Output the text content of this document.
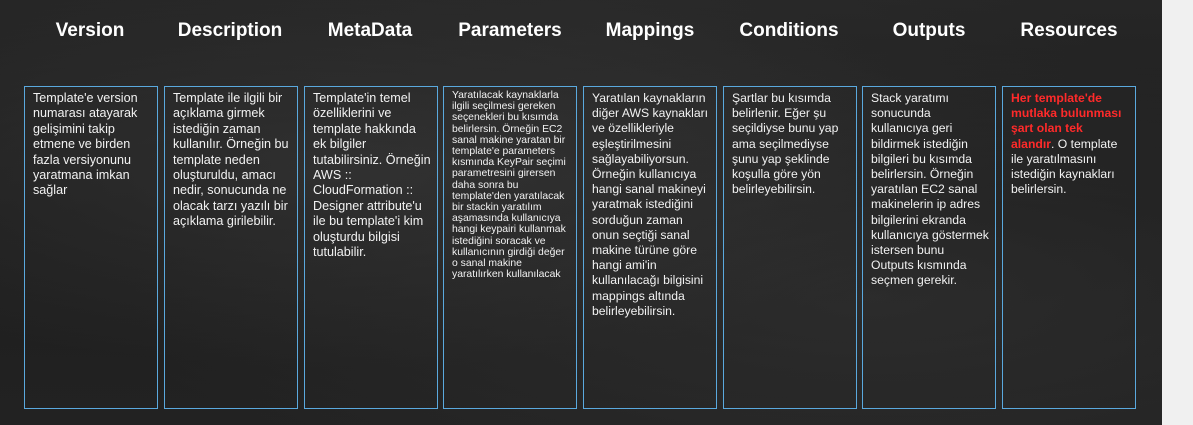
Version

Template'e version numarası atayarak gelişimini takip etmene ve birden fazla versiyonunu yaratmana imkan sağlar

Description

Template ile ilgili bir açıklama girmek istediğin zaman kullanılır. Örneğin bu template neden oluşturuldu, amacı nedir, sonucunda ne olacak tarzı yazılı bir açıklama girilebilir.

MetaData

Template'in temel özelliklerini ve template hakkında ek bilgiler tutabilirsiniz. Örneğin AWS :: CloudFormation :: Designer attribute'u ile bu template'i kim oluşturdu bilgisi tutulabilir.

Parameters

Yaratılacak kaynaklarla ilgili seçilmesi gereken seçenekleri bu kısımda belirlersin. Örneğin EC2 sanal makine yaratan bir template'e parameters kısmında KeyPair seçimi parametresini girersen daha sonra bu template'den yaratılacak bir stackin yaratılım aşamasında kullanıcıya hangi keypairi kullanmak istediğini soracak ve kullanıcının girdiği değer o sanal makine yaratılırken kullanılacak

Mappings

Yaratılan kaynakların diğer AWS kaynakları ve özellikleriyle eşleştirilmesini sağlayabiliyorsun. Örneğin kullanıcıya hangi sanal makineyi yaratmak istediğini sorduğun zaman onun seçtiği sanal makine türüne göre hangi ami'in kullanılacağı bilgisini mappings altında belirleyebilirsin.

Conditions

Şartlar bu kısımda belirlenir. Eğer şu seçildiyse bunu yap ama seçilmediyse şunu yap şeklinde koşulla göre yön belirleyebilirsin.

Outputs

Stack yaratımı sonucunda kullanıcıya geri bildirmek istediğin bilgileri bu kısımda belirlersin. Örneğin yaratılan EC2 sanal makinelerin ip adres bilgilerini ekranda kullanıcıya göstermek istersen bunu Outputs kısmında seçmen gerekir.

Resources

Her template'de mutlaka bulunması şart olan tek alandır. O template ile yaratılmasını istediğin kaynakları belirlersin.
